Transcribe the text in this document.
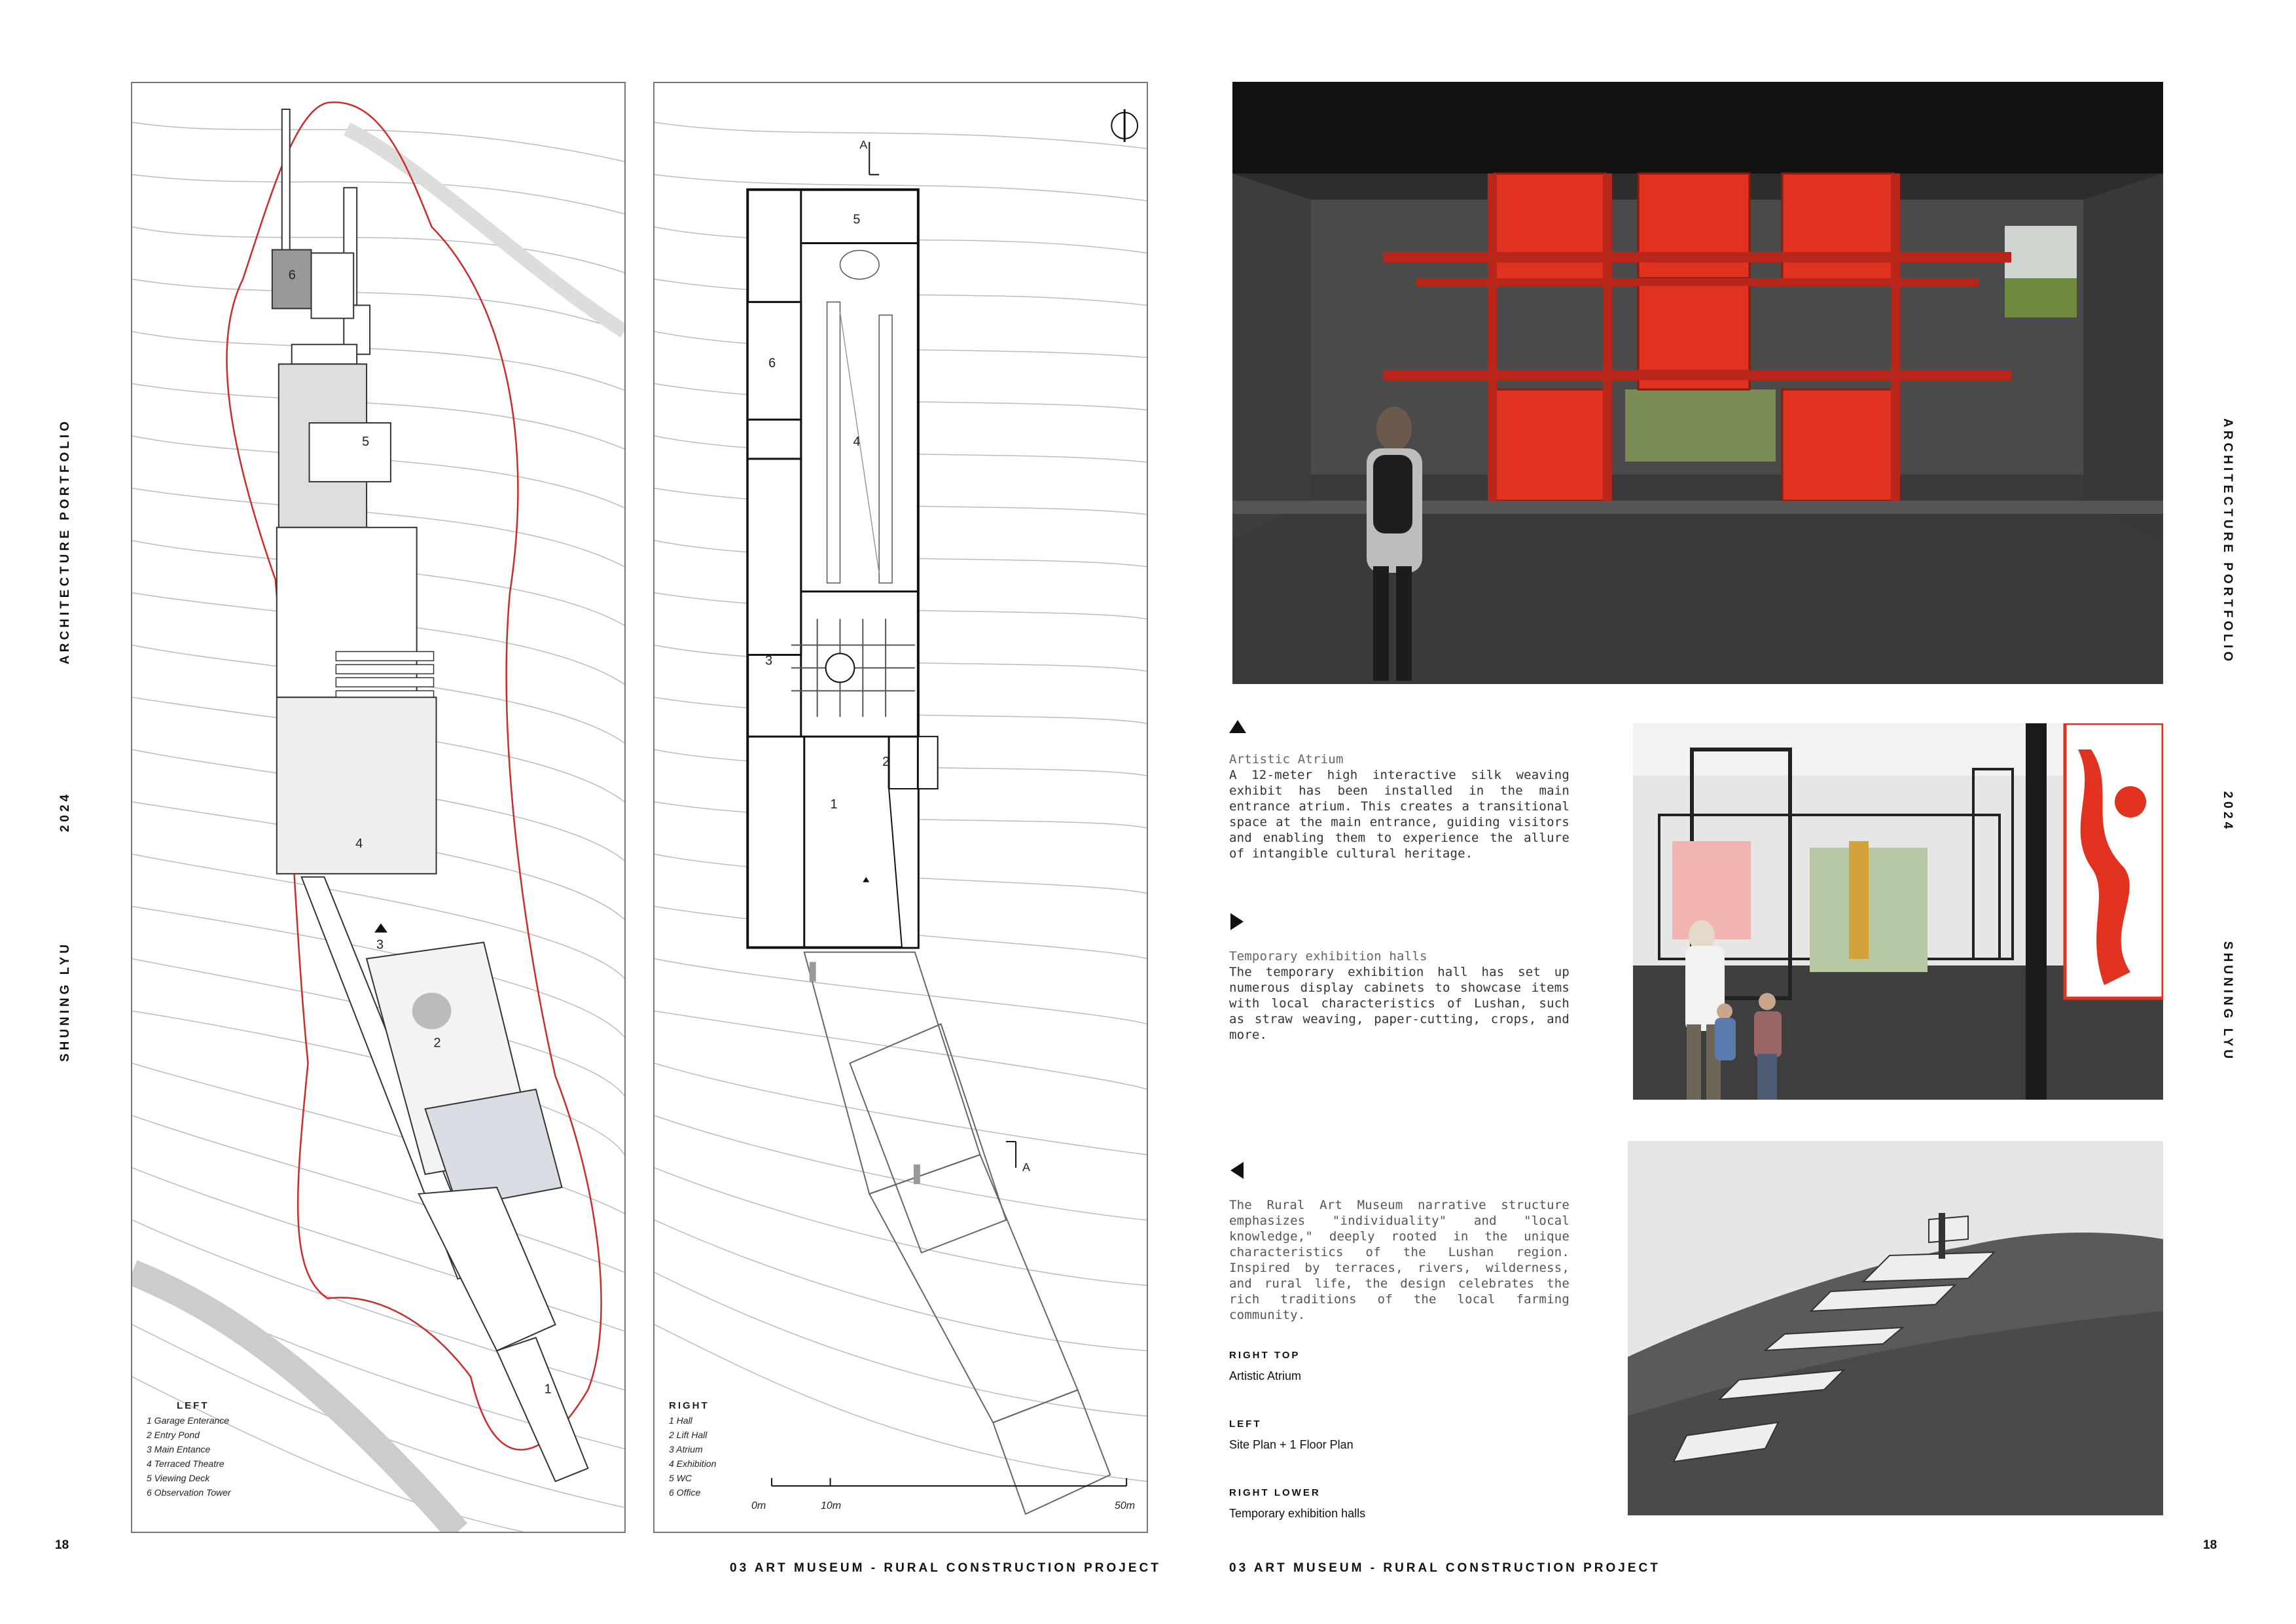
ARCHITECTURE PORTFOLIO
2024
SHUNING LYU
ARCHITECTURE PORTFOLIO
2024
SHUNING LYU
18	18
03 ART MUSEUM - RURAL CONSTRUCTION PROJECT	03 ART MUSEUM - RURAL CONSTRUCTION PROJECT
6
5
4
3
2
1
LEFT
1 Garage Enterance
2 Entry Pond
3 Main Entance
4 Terraced Theatre
5 Viewing Deck
6 Observation Tower
A
A
5
6
4
3
2
1
RIGHT
1 Hall
2 Lift Hall
3 Atrium
4 Exhibition
5 WC
6 Office
0m	10m	50m
Artistic Atrium
A 12-meter high interactive silk weaving exhibit has been installed in the main entrance atrium. This creates a transitional space at the main entrance, guiding visitors and enabling them to experience the allure of intangible cultural heritage.
Temporary exhibition halls
The temporary exhibition hall has set up numerous display cabinets to showcase items with local characteristics of Lushan, such as straw weaving, paper-cutting, crops, and more.
The Rural Art Museum narrative structure emphasizes "individuality" and "local knowledge," deeply rooted in the unique characteristics of the Lushan region. Inspired by terraces, rivers, wilderness, and rural life, the design celebrates the rich traditions of the local farming community.
RIGHT TOP
Artistic Atrium
LEFT
Site Plan + 1 Floor Plan
RIGHT LOWER
Temporary exhibition halls
